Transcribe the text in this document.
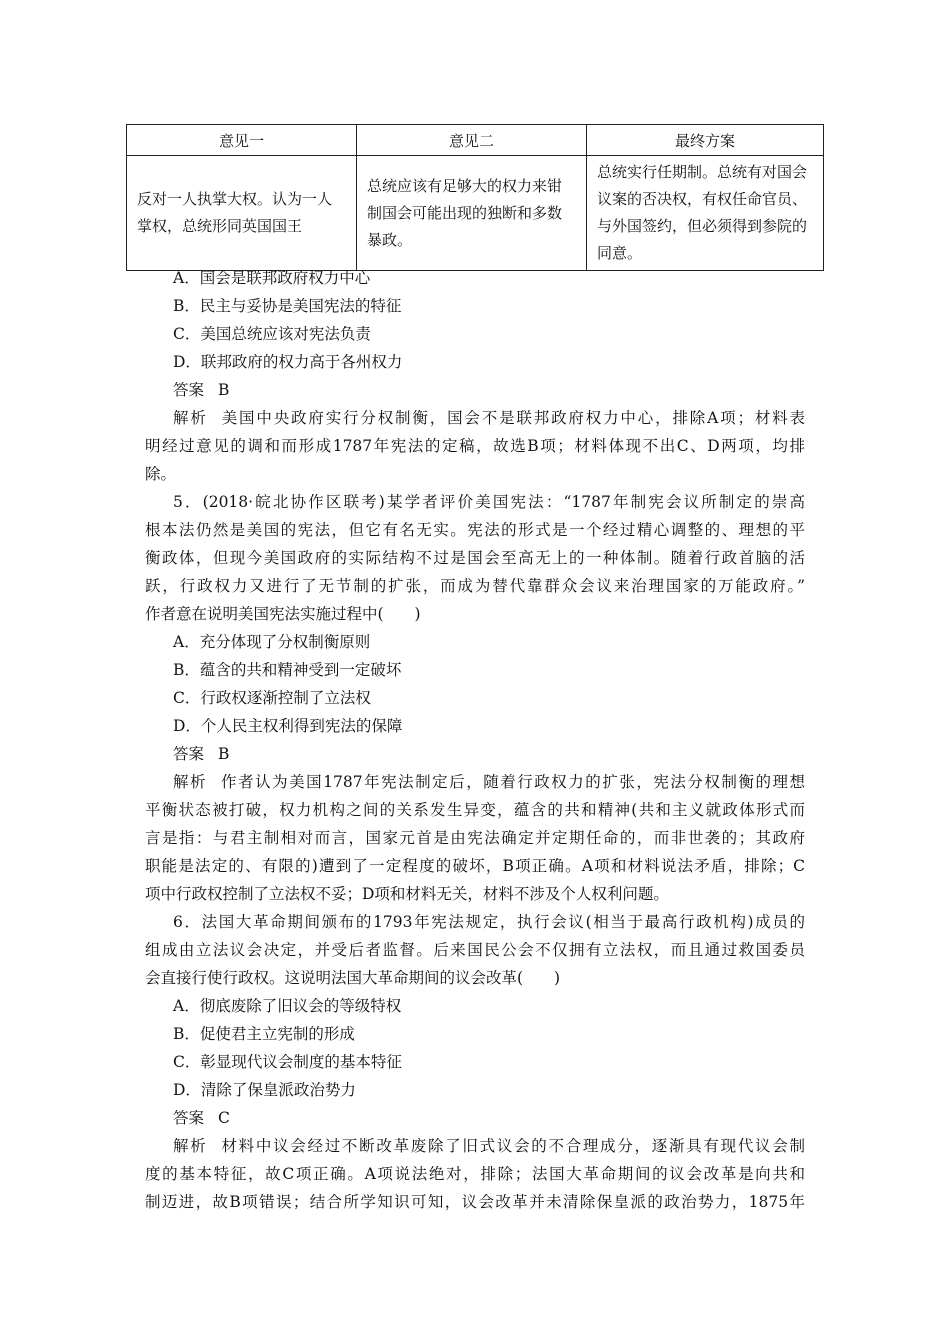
意见一	意见二	最终方案
反对一人执掌大权。认为一人掌权，总统形同英国国王	总统应该有足够大的权力来钳制国会可能出现的独断和多数暴政。	总统实行任期制。总统有对国会议案的否决权，有权任命官员、与外国签约，但必须得到参院的同意。
A．国会是联邦政府权力中心
B．民主与妥协是美国宪法的特征
C．美国总统应该对宪法负责
D．联邦政府的权力高于各州权力
答案 B
解析 美国中央政府实行分权制衡，国会不是联邦政府权力中心，排除A项；材料表
明经过意见的调和而形成1787年宪法的定稿，故选B项；材料体现不出C、D两项，均排
除。
5．(2018·皖北协作区联考)某学者评价美国宪法：“1787年制宪会议所制定的崇高
根本法仍然是美国的宪法，但它有名无实。宪法的形式是一个经过精心调整的、理想的平
衡政体，但现今美国政府的实际结构不过是国会至高无上的一种体制。随着行政首脑的活
跃，行政权力又进行了无节制的扩张，而成为替代靠群众会议来治理国家的万能政府。”
作者意在说明美国宪法实施过程中(　　)
A．充分体现了分权制衡原则
B．蕴含的共和精神受到一定破坏
C．行政权逐渐控制了立法权
D．个人民主权利得到宪法的保障
答案 B
解析 作者认为美国1787年宪法制定后，随着行政权力的扩张，宪法分权制衡的理想
平衡状态被打破，权力机构之间的关系发生异变，蕴含的共和精神(共和主义就政体形式而
言是指：与君主制相对而言，国家元首是由宪法确定并定期任命的，而非世袭的；其政府
职能是法定的、有限的)遭到了一定程度的破坏，B项正确。A项和材料说法矛盾，排除；C
项中行政权控制了立法权不妥；D项和材料无关，材料不涉及个人权利问题。
6．法国大革命期间颁布的1793年宪法规定，执行会议(相当于最高行政机构)成员的
组成由立法议会决定，并受后者监督。后来国民公会不仅拥有立法权，而且通过救国委员
会直接行使行政权。这说明法国大革命期间的议会改革(　　)
A．彻底废除了旧议会的等级特权
B．促使君主立宪制的形成
C．彰显现代议会制度的基本特征
D．清除了保皇派政治势力
答案 C
解析 材料中议会经过不断改革废除了旧式议会的不合理成分，逐渐具有现代议会制
度的基本特征，故C项正确。A项说法绝对，排除；法国大革命期间的议会改革是向共和
制迈进，故B项错误；结合所学知识可知，议会改革并未清除保皇派的政治势力，1875年
